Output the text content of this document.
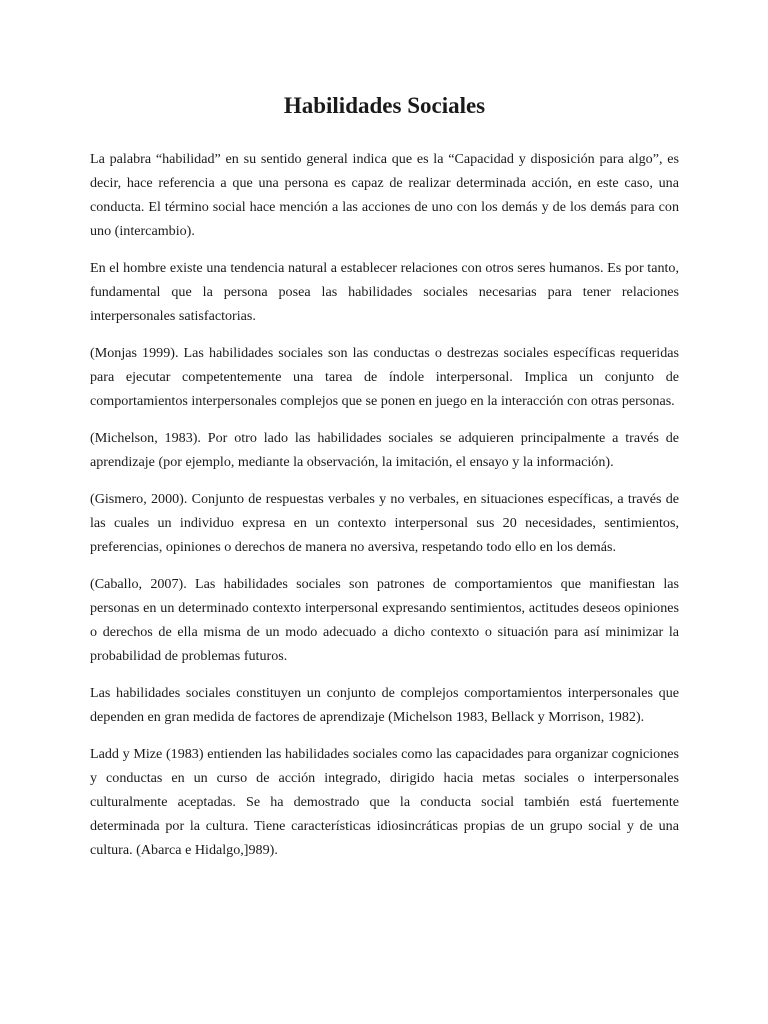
Habilidades Sociales

La palabra “habilidad” en su sentido general indica que es la “Capacidad y disposición para algo”, es decir, hace referencia a que una persona es capaz de realizar determinada acción, en este caso, una conducta. El término social hace mención a las acciones de uno con los demás y de los demás para con uno (intercambio).

En el hombre existe una tendencia natural a establecer relaciones con otros seres humanos. Es por tanto, fundamental que la persona posea las habilidades sociales necesarias para tener relaciones interpersonales satisfactorias.

(Monjas 1999). Las habilidades sociales son las conductas o destrezas sociales específicas requeridas para ejecutar competentemente una tarea de índole interpersonal. Implica un conjunto de comportamientos interpersonales complejos que se ponen en juego en la interacción con otras personas.

(Michelson, 1983). Por otro lado las habilidades sociales se adquieren principalmente a través de aprendizaje (por ejemplo, mediante la observación, la imitación, el ensayo y la información).

(Gismero, 2000). Conjunto de respuestas verbales y no verbales, en situaciones específicas, a través de las cuales un individuo expresa en un contexto interpersonal sus 20 necesidades, sentimientos, preferencias, opiniones o derechos de manera no aversiva, respetando todo ello en los demás.

(Caballo, 2007). Las habilidades sociales son patrones de comportamientos que manifiestan las personas en un determinado contexto interpersonal expresando sentimientos, actitudes deseos opiniones o derechos de ella misma de un modo adecuado a dicho contexto o situación para así minimizar la probabilidad de problemas futuros.

Las habilidades sociales constituyen un conjunto de complejos comportamientos interpersonales que dependen en gran medida de factores de aprendizaje (Michelson 1983, Bellack y Morrison, 1982).

Ladd y Mize (1983) entienden las habilidades sociales como las capacidades para organizar cogniciones y conductas en un curso de acción integrado, dirigido hacia metas sociales o interpersonales culturalmente aceptadas. Se ha demostrado que la conducta social también está fuertemente determinada por la cultura. Tiene características idiosincráticas propias de un grupo social y de una cultura. (Abarca e Hidalgo,]989).
